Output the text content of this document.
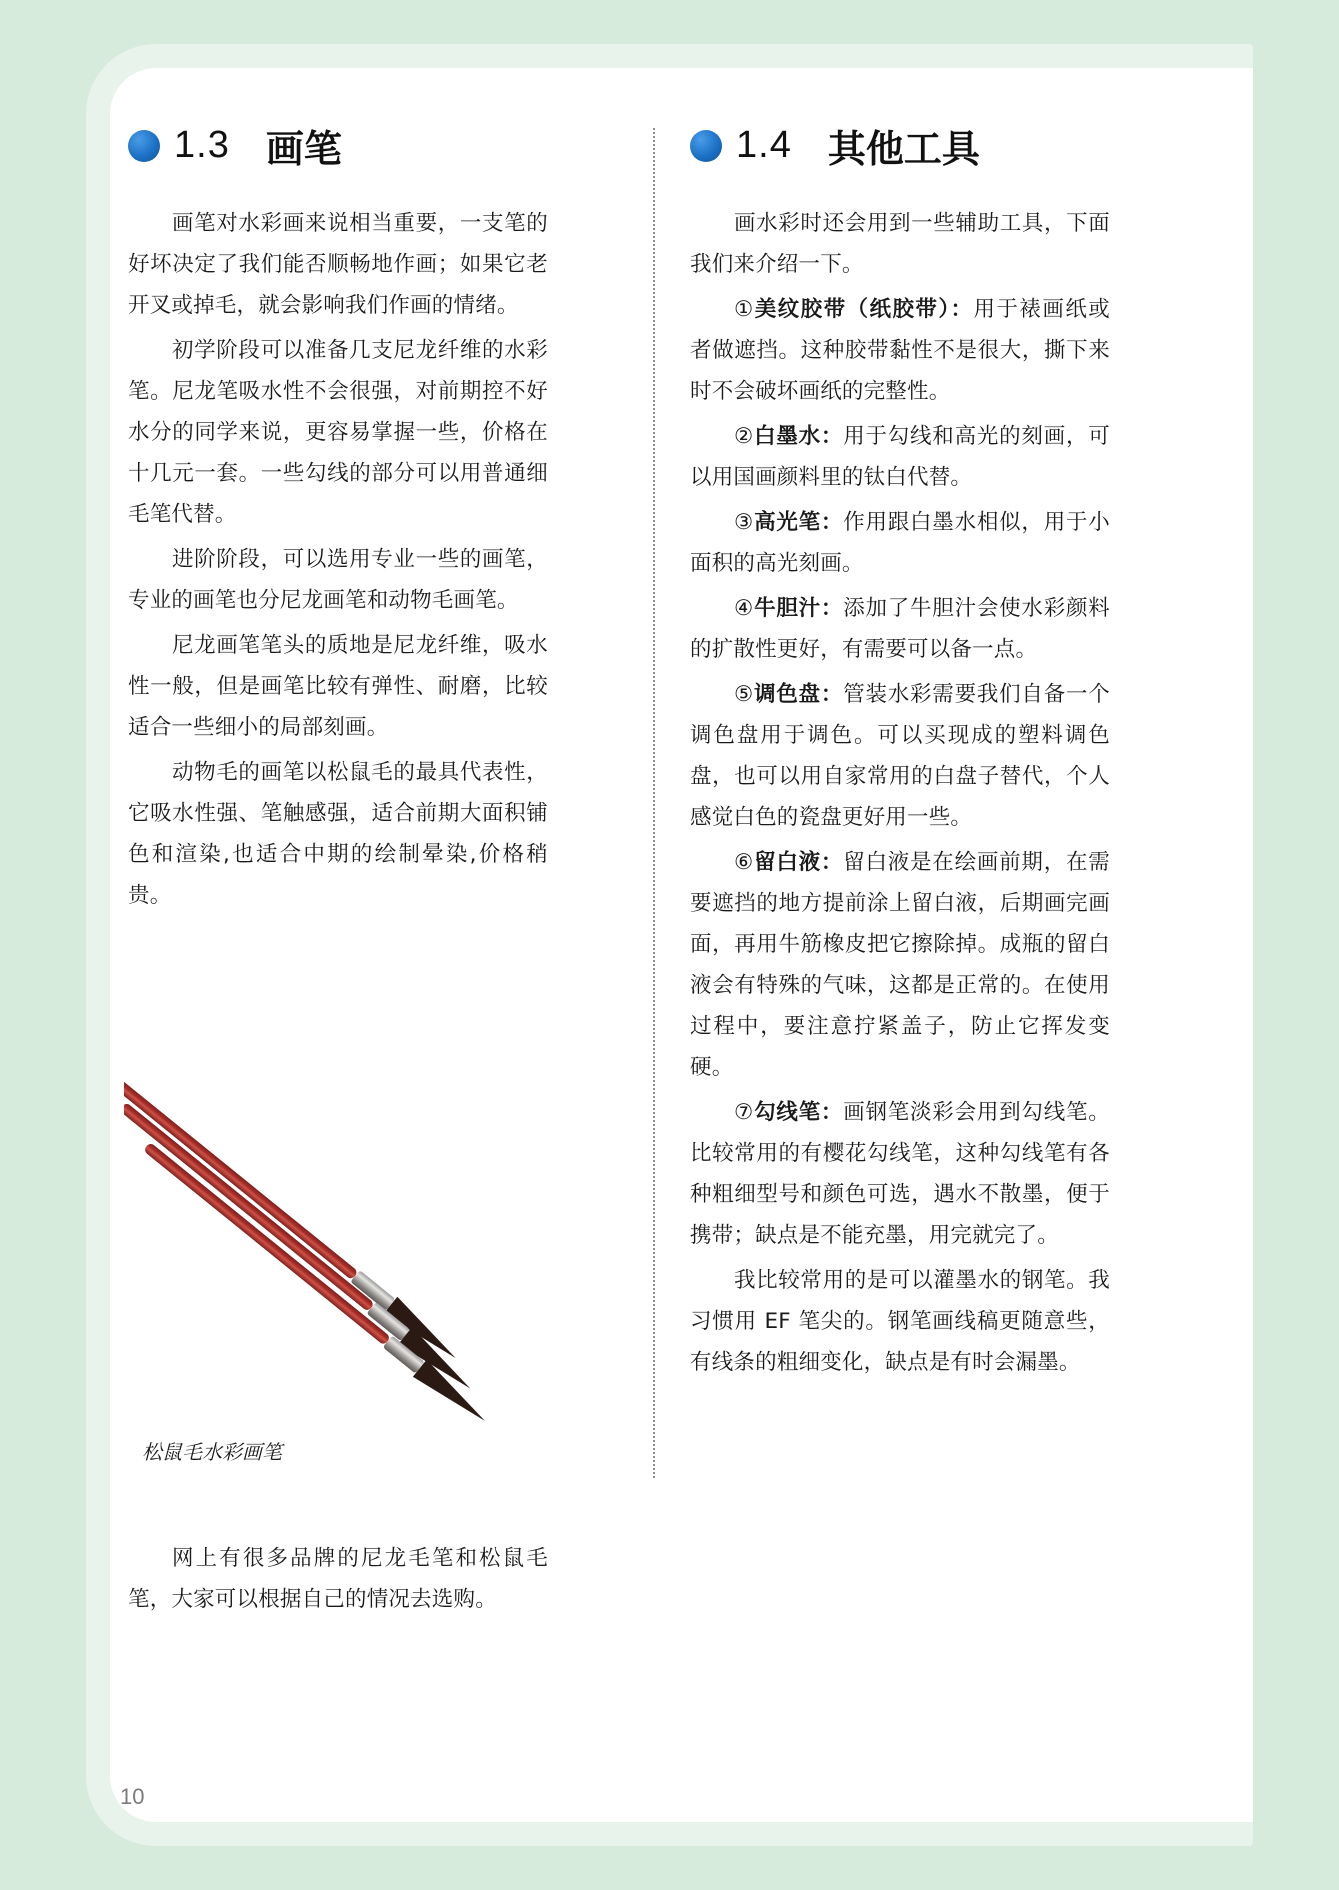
1.3 画笔

画笔对水彩画来说相当重要，一支笔的好坏决定了我们能否顺畅地作画；如果它老开叉或掉毛，就会影响我们作画的情绪。

初学阶段可以准备几支尼龙纤维的水彩笔。尼龙笔吸水性不会很强，对前期控不好水分的同学来说，更容易掌握一些，价格在十几元一套。一些勾线的部分可以用普通细毛笔代替。

进阶阶段，可以选用专业一些的画笔，专业的画笔也分尼龙画笔和动物毛画笔。

尼龙画笔笔头的质地是尼龙纤维，吸水性一般，但是画笔比较有弹性、耐磨，比较适合一些细小的局部刻画。

动物毛的画笔以松鼠毛的最具代表性，它吸水性强、笔触感强，适合前期大面积铺色和渲染,也适合中期的绘制晕染,价格稍贵。

松鼠毛水彩画笔

网上有很多品牌的尼龙毛笔和松鼠毛笔，大家可以根据自己的情况去选购。

1.4 其他工具

画水彩时还会用到一些辅助工具，下面我们来介绍一下。

①美纹胶带（纸胶带）：用于裱画纸或者做遮挡。这种胶带黏性不是很大，撕下来时不会破坏画纸的完整性。

②白墨水：用于勾线和高光的刻画，可以用国画颜料里的钛白代替。

③高光笔：作用跟白墨水相似，用于小面积的高光刻画。

④牛胆汁：添加了牛胆汁会使水彩颜料的扩散性更好，有需要可以备一点。

⑤调色盘：管装水彩需要我们自备一个调色盘用于调色。可以买现成的塑料调色盘，也可以用自家常用的白盘子替代，个人感觉白色的瓷盘更好用一些。

⑥留白液：留白液是在绘画前期，在需要遮挡的地方提前涂上留白液，后期画完画面，再用牛筋橡皮把它擦除掉。成瓶的留白液会有特殊的气味，这都是正常的。在使用过程中，要注意拧紧盖子，防止它挥发变硬。

⑦勾线笔：画钢笔淡彩会用到勾线笔。比较常用的有樱花勾线笔，这种勾线笔有各种粗细型号和颜色可选，遇水不散墨，便于携带；缺点是不能充墨，用完就完了。

我比较常用的是可以灌墨水的钢笔。我习惯用 EF 笔尖的。钢笔画线稿更随意些，有线条的粗细变化，缺点是有时会漏墨。

10
